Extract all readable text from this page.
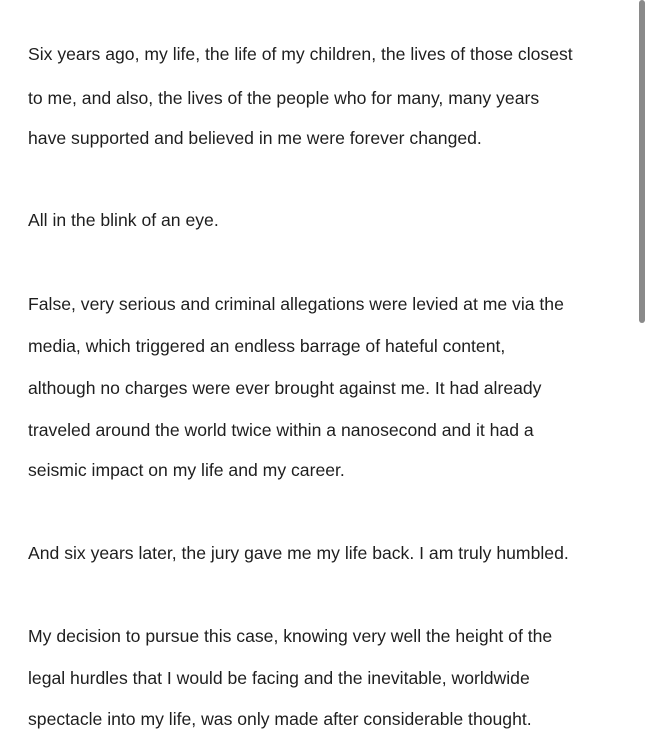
Six years ago, my life, the life of my children, the lives of those closest

to me, and also, the lives of the people who for many, many years

have supported and believed in me were forever changed.

All in the blink of an eye.

False, very serious and criminal allegations were levied at me via the

media, which triggered an endless barrage of hateful content,

although no charges were ever brought against me. It had already

traveled around the world twice within a nanosecond and it had a

seismic impact on my life and my career.

And six years later, the jury gave me my life back. I am truly humbled.

My decision to pursue this case, knowing very well the height of the

legal hurdles that I would be facing and the inevitable, worldwide

spectacle into my life, was only made after considerable thought.
